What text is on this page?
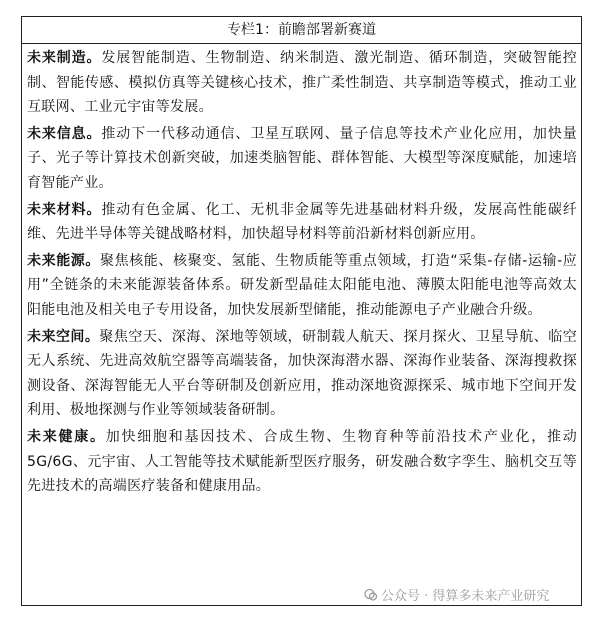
专栏1：前瞻部署新赛道

未来制造。发展智能制造、生物制造、纳米制造、激光制造、循环制造，突破智能控制、智能传感、模拟仿真等关键核心技术，推广柔性制造、共享制造等模式，推动工业互联网、工业元宇宙等发展。

未来信息。推动下一代移动通信、卫星互联网、量子信息等技术产业化应用，加快量子、光子等计算技术创新突破，加速类脑智能、群体智能、大模型等深度赋能，加速培育智能产业。

未来材料。推动有色金属、化工、无机非金属等先进基础材料升级，发展高性能碳纤维、先进半导体等关键战略材料，加快超导材料等前沿新材料创新应用。

未来能源。聚焦核能、核聚变、氢能、生物质能等重点领域，打造“采集-存储-运输-应用”全链条的未来能源装备体系。研发新型晶硅太阳能电池、薄膜太阳能电池等高效太阳能电池及相关电子专用设备，加快发展新型储能，推动能源电子产业融合升级。

未来空间。聚焦空天、深海、深地等领域，研制载人航天、探月探火、卫星导航、临空无人系统、先进高效航空器等高端装备，加快深海潜水器、深海作业装备、深海搜救探测设备、深海智能无人平台等研制及创新应用，推动深地资源探采、城市地下空间开发利用、极地探测与作业等领域装备研制。

未来健康。加快细胞和基因技术、合成生物、生物育种等前沿技术产业化，推动5G/6G、元宇宙、人工智能等技术赋能新型医疗服务，研发融合数字孪生、脑机交互等先进技术的高端医疗装备和健康用品。

公众号 · 得算多未来产业研究
